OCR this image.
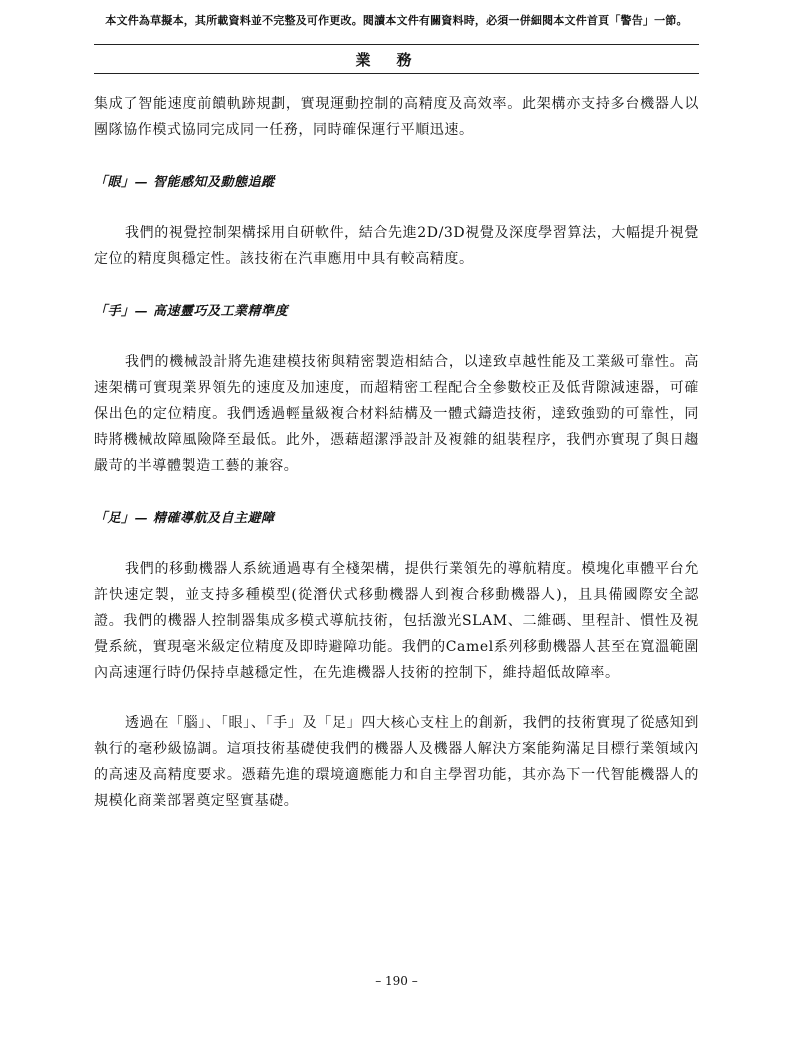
本文件為草擬本，其所載資料並不完整及可作更改。閱讀本文件有關資料時，必須一併細閱本文件首頁「警告」一節。
業務

集成了智能速度前饋軌跡規劃，實現運動控制的高精度及高效率。此架構亦支持多台機器人以團隊協作模式協同完成同一任務，同時確保運行平順迅速。

「眼」— 智能感知及動態追蹤

我們的視覺控制架構採用自研軟件，結合先進2D/3D視覺及深度學習算法，大幅提升視覺定位的精度與穩定性。該技術在汽車應用中具有較高精度。

「手」— 高速靈巧及工業精準度

我們的機械設計將先進建模技術與精密製造相結合，以達致卓越性能及工業級可靠性。高速架構可實現業界領先的速度及加速度，而超精密工程配合全參數校正及低背隙減速器，可確保出色的定位精度。我們透過輕量級複合材料結構及一體式鑄造技術，達致強勁的可靠性，同時將機械故障風險降至最低。此外，憑藉超潔淨設計及複雜的組裝程序，我們亦實現了與日趨嚴苛的半導體製造工藝的兼容。

「足」— 精確導航及自主避障

我們的移動機器人系統通過專有全棧架構，提供行業領先的導航精度。模塊化車體平台允許快速定製，並支持多種模型(從潛伏式移動機器人到複合移動機器人)，且具備國際安全認證。我們的機器人控制器集成多模式導航技術，包括激光SLAM、二維碼、里程計、慣性及視覺系統，實現毫米級定位精度及即時避障功能。我們的Camel系列移動機器人甚至在寬溫範圍內高速運行時仍保持卓越穩定性，在先進機器人技術的控制下，維持超低故障率。

透過在「腦」、「眼」、「手」及「足」四大核心支柱上的創新，我們的技術實現了從感知到執行的毫秒級協調。這項技術基礎使我們的機器人及機器人解決方案能夠滿足目標行業領域內的高速及高精度要求。憑藉先進的環境適應能力和自主學習功能，其亦為下一代智能機器人的規模化商業部署奠定堅實基礎。

– 190 –
